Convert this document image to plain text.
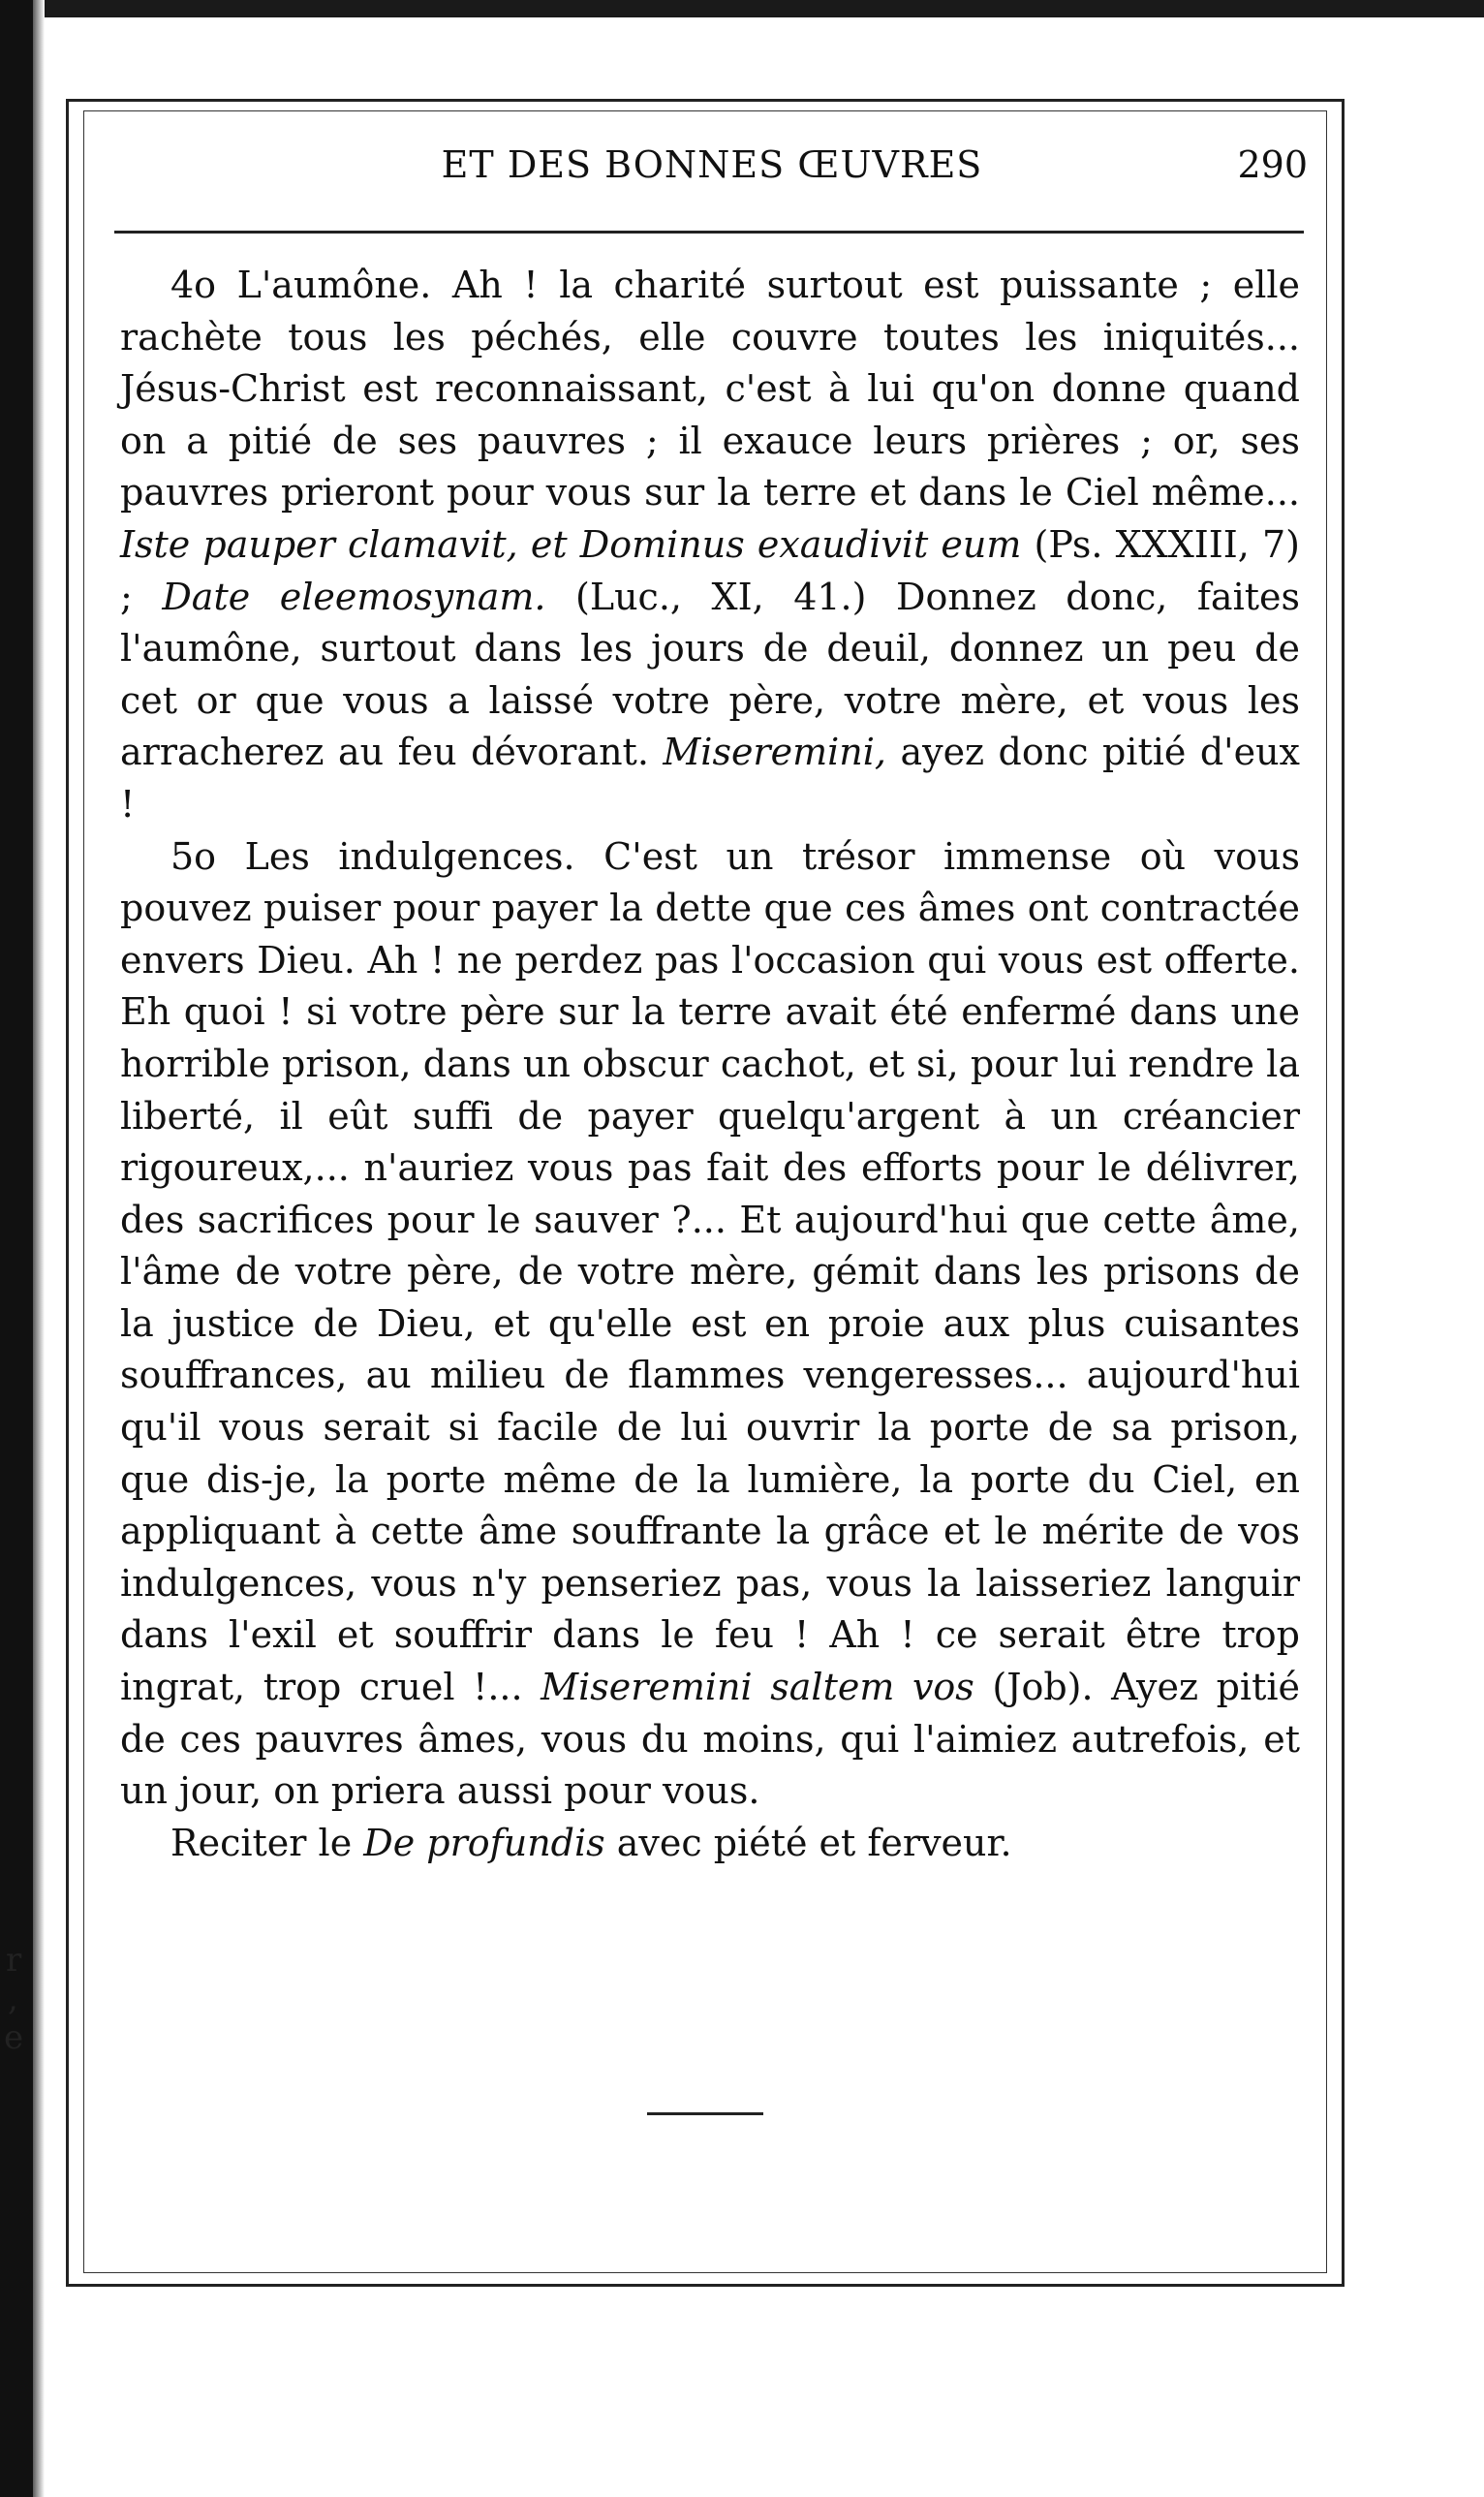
r
,
e
ET DES BONNES ŒUVRES	290

4o L'aumône. Ah ! la charité surtout est puissante ; elle rachète tous les péchés, elle couvre toutes les iniquités... Jésus-Christ est reconnaissant, c'est à lui qu'on donne quand on a pitié de ses pauvres ; il exauce leurs prières ; or, ses pauvres prieront pour vous sur la terre et dans le Ciel même... Iste pauper clamavit, et Dominus exaudivit eum (Ps. XXXIII, 7) ; Date eleemosynam. (Luc., XI, 41.) Donnez donc, faites l'aumône, surtout dans les jours de deuil, donnez un peu de cet or que vous a laissé votre père, votre mère, et vous les arracherez au feu dévorant. Miseremini, ayez donc pitié d'eux !

5o Les indulgences. C'est un trésor immense où vous pouvez puiser pour payer la dette que ces âmes ont contractée envers Dieu. Ah ! ne perdez pas l'occasion qui vous est offerte. Eh quoi ! si votre père sur la terre avait été enfermé dans une horrible prison, dans un obscur cachot, et si, pour lui rendre la liberté, il eût suffi de payer quelqu'argent à un créancier rigoureux,... n'auriez vous pas fait des efforts pour le délivrer, des sacrifices pour le sauver ?... Et aujourd'hui que cette âme, l'âme de votre père, de votre mère, gémit dans les prisons de la justice de Dieu, et qu'elle est en proie aux plus cuisantes souffrances, au milieu de flammes vengeresses... aujourd'hui qu'il vous serait si facile de lui ouvrir la porte de sa prison, que dis-je, la porte même de la lumière, la porte du Ciel, en appliquant à cette âme souffrante la grâce et le mérite de vos indulgences, vous n'y penseriez pas, vous la laisseriez languir dans l'exil et souffrir dans le feu ! Ah ! ce serait être trop ingrat, trop cruel !... Miseremini saltem vos (Job). Ayez pitié de ces pauvres âmes, vous du moins, qui l'aimiez autrefois, et un jour, on priera aussi pour vous.

Reciter le De profundis avec piété et ferveur.
